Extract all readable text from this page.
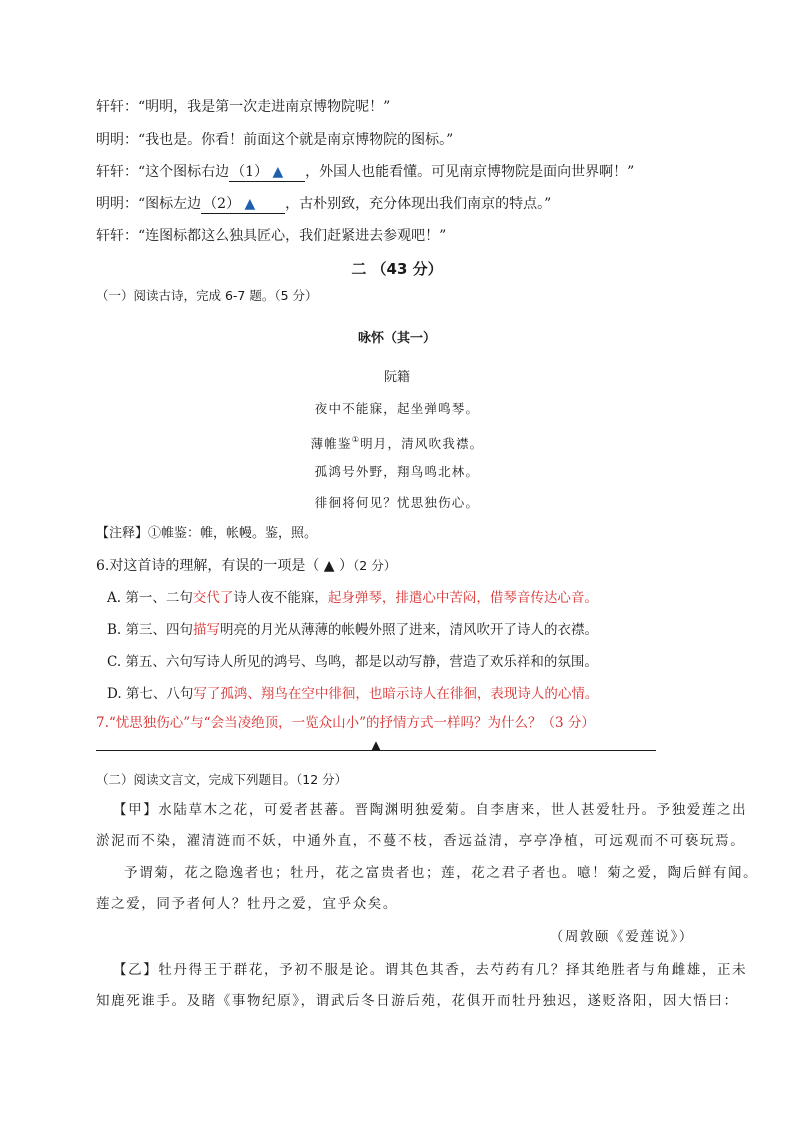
轩轩：“明明，我是第一次走进南京博物院呢！”
明明：“我也是。你看！前面这个就是南京博物院的图标。”
轩轩：“这个图标右边 （1） ▲ ，外国人也能看懂。可见南京博物院是面向世界啊！”
明明：“图标左边 （2） ▲ ，古朴别致，充分体现出我们南京的特点。”
轩轩：“连图标都这么独具匠心，我们赶紧进去参观吧！”
二 （43 分）
（一）阅读古诗，完成 6-7 题。（5 分）
咏怀（其一）
阮籍
夜中不能寐，起坐弹鸣琴。
薄帷鉴①明月，清风吹我襟。
孤鸿号外野，翔鸟鸣北林。
徘徊将何见？忧思独伤心。
【注释】①帷鉴：帷，帐幔。鉴，照。
6.对这首诗的理解，有误的一项是（ ▲ ）（2 分）
A. 第一、二句交代了诗人夜不能寐，起身弹琴，排遣心中苦闷，借琴音传达心音。
B. 第三、四句描写明亮的月光从薄薄的帐幔外照了进来，清风吹开了诗人的衣襟。
C. 第五、六句写诗人所见的鸿号、鸟鸣，都是以动写静，营造了欢乐祥和的氛围。
D. 第七、八句写了孤鸿、翔鸟在空中徘徊，也暗示诗人在徘徊，表现诗人的心情。
7.“忧思独伤心”与“会当凌绝顶，一览众山小”的抒情方式一样吗？为什么？（3 分）
▲
（二）阅读文言文，完成下列题目。（12 分）
【甲】水陆草木之花，可爱者甚蕃。晋陶渊明独爱菊。自李唐来，世人甚爱牡丹。予独爱莲之出
淤泥而不染，濯清涟而不妖，中通外直，不蔓不枝，香远益清，亭亭净植，可远观而不可亵玩焉。
予谓菊，花之隐逸者也；牡丹，花之富贵者也；莲，花之君子者也。噫！菊之爱，陶后鲜有闻。
莲之爱，同予者何人？牡丹之爱，宜乎众矣。
（周敦颐《爱莲说》）
【乙】牡丹得王于群花，予初不服是论。谓其色其香，去芍药有几？择其绝胜者与角雌雄，正未
知鹿死谁手。及睹《事物纪原》，谓武后冬日游后苑，花俱开而牡丹独迟，遂贬洛阳，因大悟曰：
